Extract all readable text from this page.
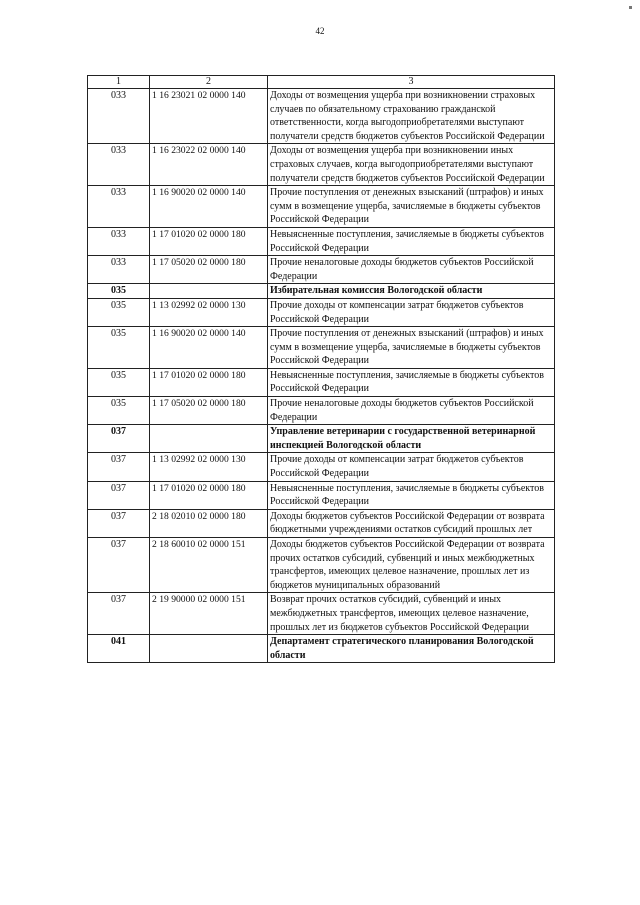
42
1	2	3
033	1 16 23021 02 0000 140	Доходы от возмещения ущерба при возникновении страховых случаев по обязательному страхованию гражданской ответственности, когда выгодоприобретателями выступают получатели средств бюджетов субъектов Российской Федерации
033	1 16 23022 02 0000 140	Доходы от возмещения ущерба при возникновении иных страховых случаев, когда выгодоприобретателями выступают получатели средств бюджетов субъектов Российской Федерации
033	1 16 90020 02 0000 140	Прочие поступления от денежных взысканий (штрафов) и иных сумм в возмещение ущерба, зачисляемые в бюджеты субъектов Российской Федерации
033	1 17 01020 02 0000 180	Невыясненные поступления, зачисляемые в бюджеты субъектов Российской Федерации
033	1 17 05020 02 0000 180	Прочие неналоговые доходы бюджетов субъектов Российской Федерации
035		Избирательная комиссия Вологодской области
035	1 13 02992 02 0000 130	Прочие доходы от компенсации затрат бюджетов субъектов Российской Федерации
035	1 16 90020 02 0000 140	Прочие поступления от денежных взысканий (штрафов) и иных сумм в возмещение ущерба, зачисляемые в бюджеты субъектов Российской Федерации
035	1 17 01020 02 0000 180	Невыясненные поступления, зачисляемые в бюджеты субъектов Российской Федерации
035	1 17 05020 02 0000 180	Прочие неналоговые доходы бюджетов субъектов Российской Федерации
037		Управление ветеринарии с государственной ветеринарной инспекцией Вологодской области
037	1 13 02992 02 0000 130	Прочие доходы от компенсации затрат бюджетов субъектов Российской Федерации
037	1 17 01020 02 0000 180	Невыясненные поступления, зачисляемые в бюджеты субъектов Российской Федерации
037	2 18 02010 02 0000 180	Доходы бюджетов субъектов Российской Федерации от возврата бюджетными учреждениями остатков субсидий прошлых лет
037	2 18 60010 02 0000 151	Доходы бюджетов субъектов Российской Федерации от возврата прочих остатков субсидий, субвенций и иных межбюджетных трансфертов, имеющих целевое назначение, прошлых лет из бюджетов муниципальных образований
037	2 19 90000 02 0000 151	Возврат прочих остатков субсидий, субвенций и иных межбюджетных трансфертов, имеющих целевое назначение, прошлых лет из бюджетов субъектов Российской Федерации
041		Департамент стратегического планирования Вологодской области
